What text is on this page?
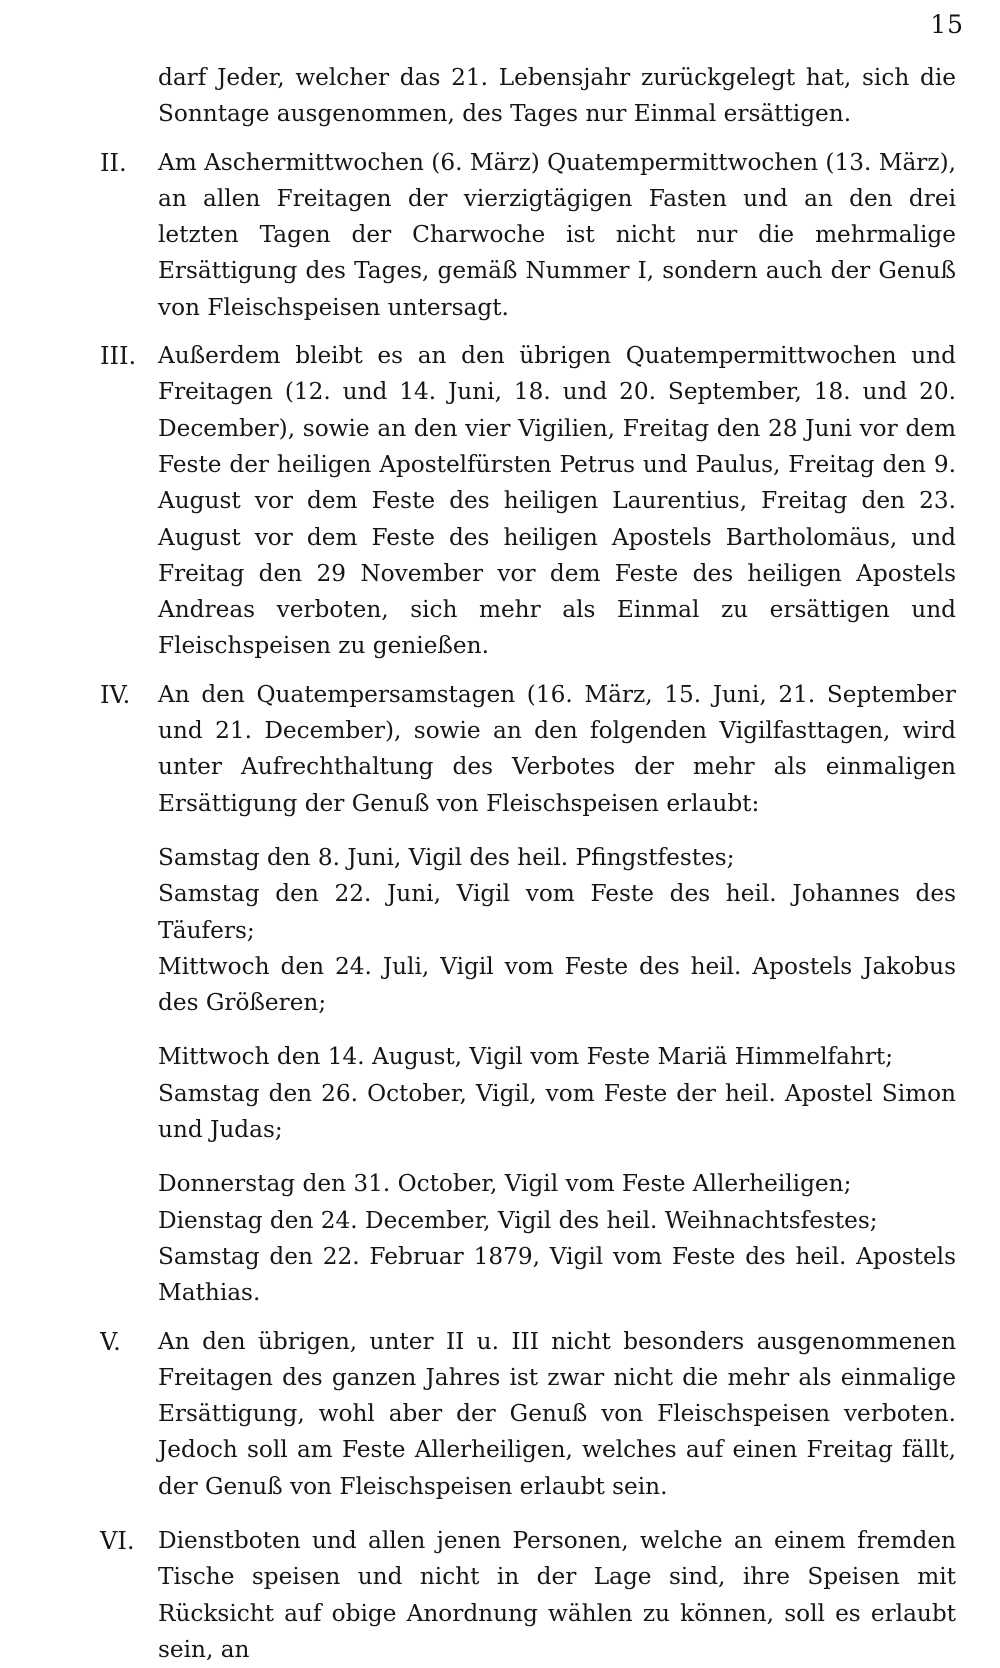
15

darf Jeder, welcher das 21. Lebensjahr zurückgelegt hat, sich die Sonntage ausgenommen, des Tages nur Einmal ersättigen.

II. Am Aschermittwochen (6. März) Quatempermittwochen (13. März), an allen Freitagen der vierzigtägigen Fasten und an den drei letzten Tagen der Charwoche ist nicht nur die mehrmalige Ersättigung des Tages, gemäß Nummer I, sondern auch der Genuß von Fleischspeisen untersagt.
III. Außerdem bleibt es an den übrigen Quatempermittwochen und Freitagen (12. und 14. Juni, 18. und 20. September, 18. und 20. December), sowie an den vier Vigilien, Freitag den 28 Juni vor dem Feste der heiligen Apostelfürsten Petrus und Paulus, Freitag den 9. August vor dem Feste des heiligen Laurentius, Freitag den 23. August vor dem Feste des heiligen Apostels Bartholomäus, und Freitag den 29 November vor dem Feste des heiligen Apostels Andreas verboten, sich mehr als Einmal zu ersättigen und Fleischspeisen zu genießen.
IV. An den Quatempersamstagen (16. März, 15. Juni, 21. September und 21. December), sowie an den folgenden Vigilfasttagen, wird unter Aufrechthaltung des Verbotes der mehr als einmaligen Ersättigung der Genuß von Fleischspeisen erlaubt:

Samstag den 8. Juni, Vigil des heil. Pfingstfestes;

Samstag den 22. Juni, Vigil vom Feste des heil. Johannes des Täufers;

Mittwoch den 24. Juli, Vigil vom Feste des heil. Apostels Jakobus des Größeren;

Mittwoch den 14. August, Vigil vom Feste Mariä Himmelfahrt;

Samstag den 26. October, Vigil, vom Feste der heil. Apostel Simon und Judas;

Donnerstag den 31. October, Vigil vom Feste Allerheiligen;

Dienstag den 24. December, Vigil des heil. Weihnachtsfestes;

Samstag den 22. Februar 1879, Vigil vom Feste des heil. Apostels Mathias.

V. An den übrigen, unter II u. III nicht besonders ausgenommenen Freitagen des ganzen Jahres ist zwar nicht die mehr als einmalige Ersättigung, wohl aber der Genuß von Fleischspeisen verboten. Jedoch soll am Feste Allerheiligen, welches auf einen Freitag fällt, der Genuß von Fleischspeisen erlaubt sein.
VI. Dienstboten und allen jenen Personen, welche an einem fremden Tische speisen und nicht in der Lage sind, ihre Speisen mit Rücksicht auf obige Anordnung wählen zu können, soll es erlaubt sein, an
